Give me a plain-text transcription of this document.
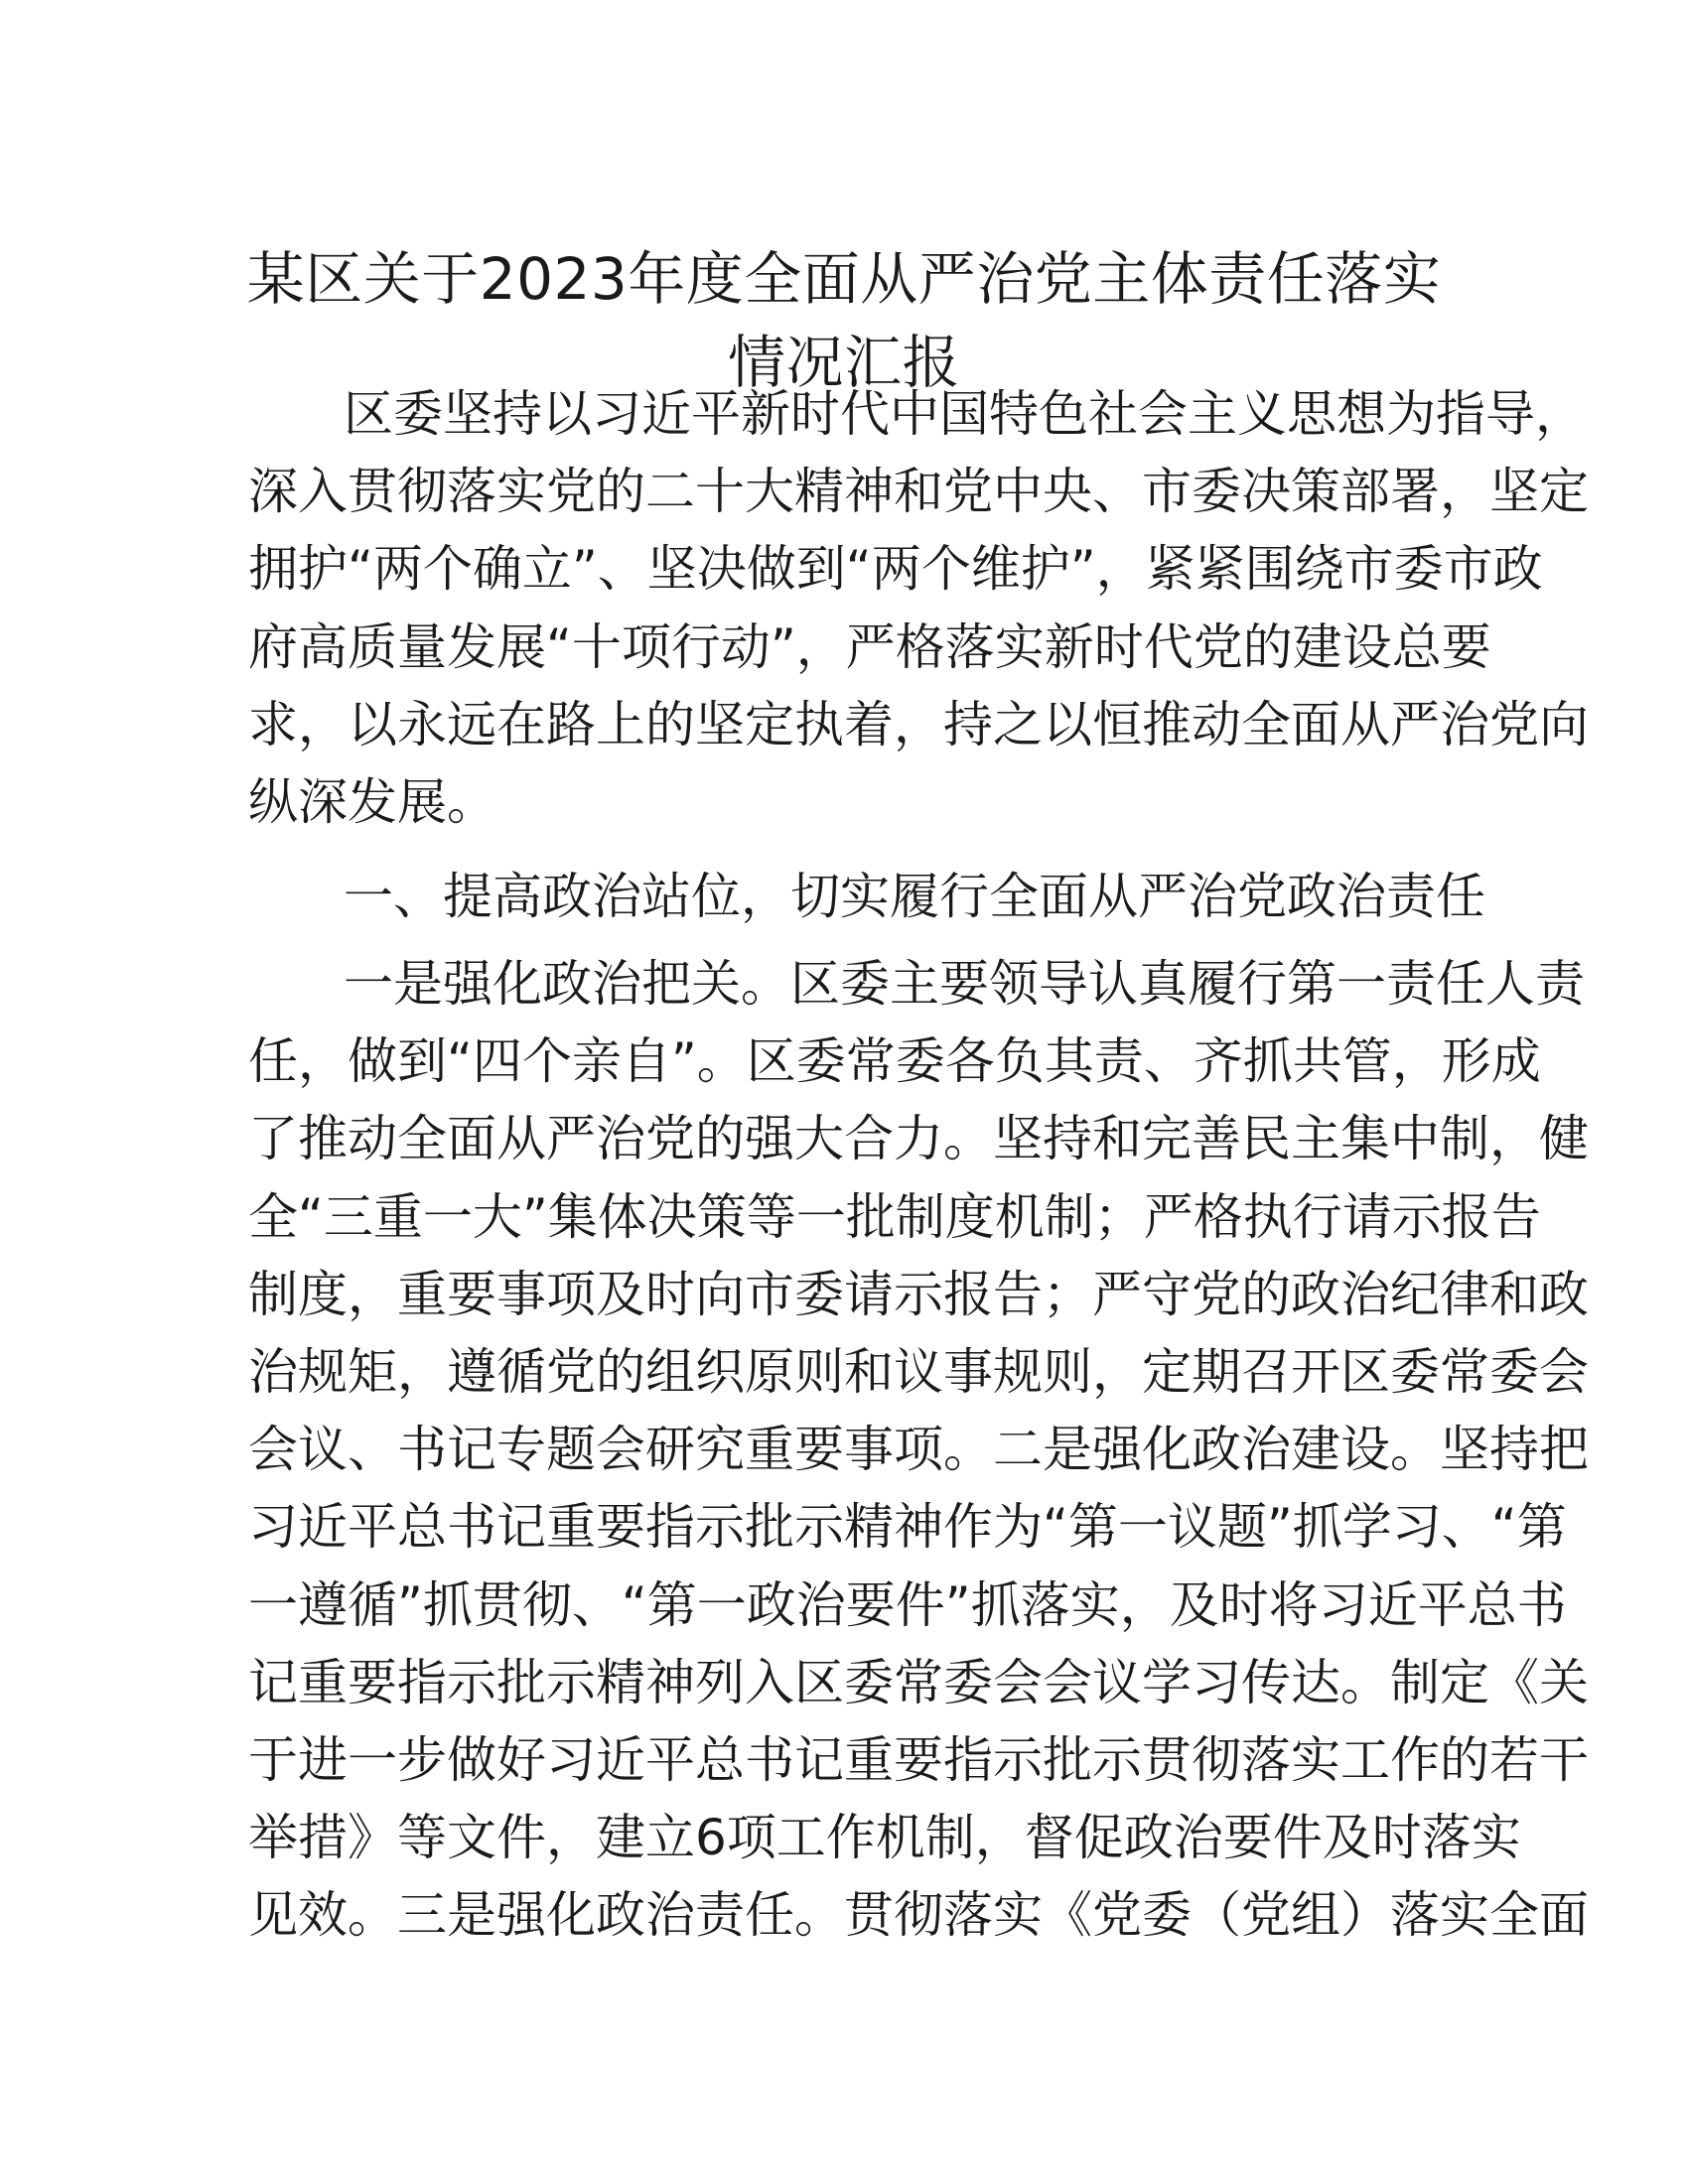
某区关于2023年度全面从严治党主体责任落实
情况汇报
区委坚持以习近平新时代中国特色社会主义思想为指导，
深入贯彻落实党的二十大精神和党中央、市委决策部署，坚定
拥护“两个确立”、坚决做到“两个维护”，紧紧围绕市委市政
府高质量发展“十项行动”，严格落实新时代党的建设总要
求，以永远在路上的坚定执着，持之以恒推动全面从严治党向
纵深发展。
一、提高政治站位，切实履行全面从严治党政治责任
一是强化政治把关。区委主要领导认真履行第一责任人责
任，做到“四个亲自”。区委常委各负其责、齐抓共管，形成
了推动全面从严治党的强大合力。坚持和完善民主集中制，健
全“三重一大”集体决策等一批制度机制；严格执行请示报告
制度，重要事项及时向市委请示报告；严守党的政治纪律和政
治规矩，遵循党的组织原则和议事规则，定期召开区委常委会
会议、书记专题会研究重要事项。二是强化政治建设。坚持把
习近平总书记重要指示批示精神作为“第一议题”抓学习、“第
一遵循”抓贯彻、“第一政治要件”抓落实，及时将习近平总书
记重要指示批示精神列入区委常委会会议学习传达。制定《关
于进一步做好习近平总书记重要指示批示贯彻落实工作的若干
举措》等文件，建立6项工作机制，督促政治要件及时落实
见效。三是强化政治责任。贯彻落实《党委（党组）落实全面
